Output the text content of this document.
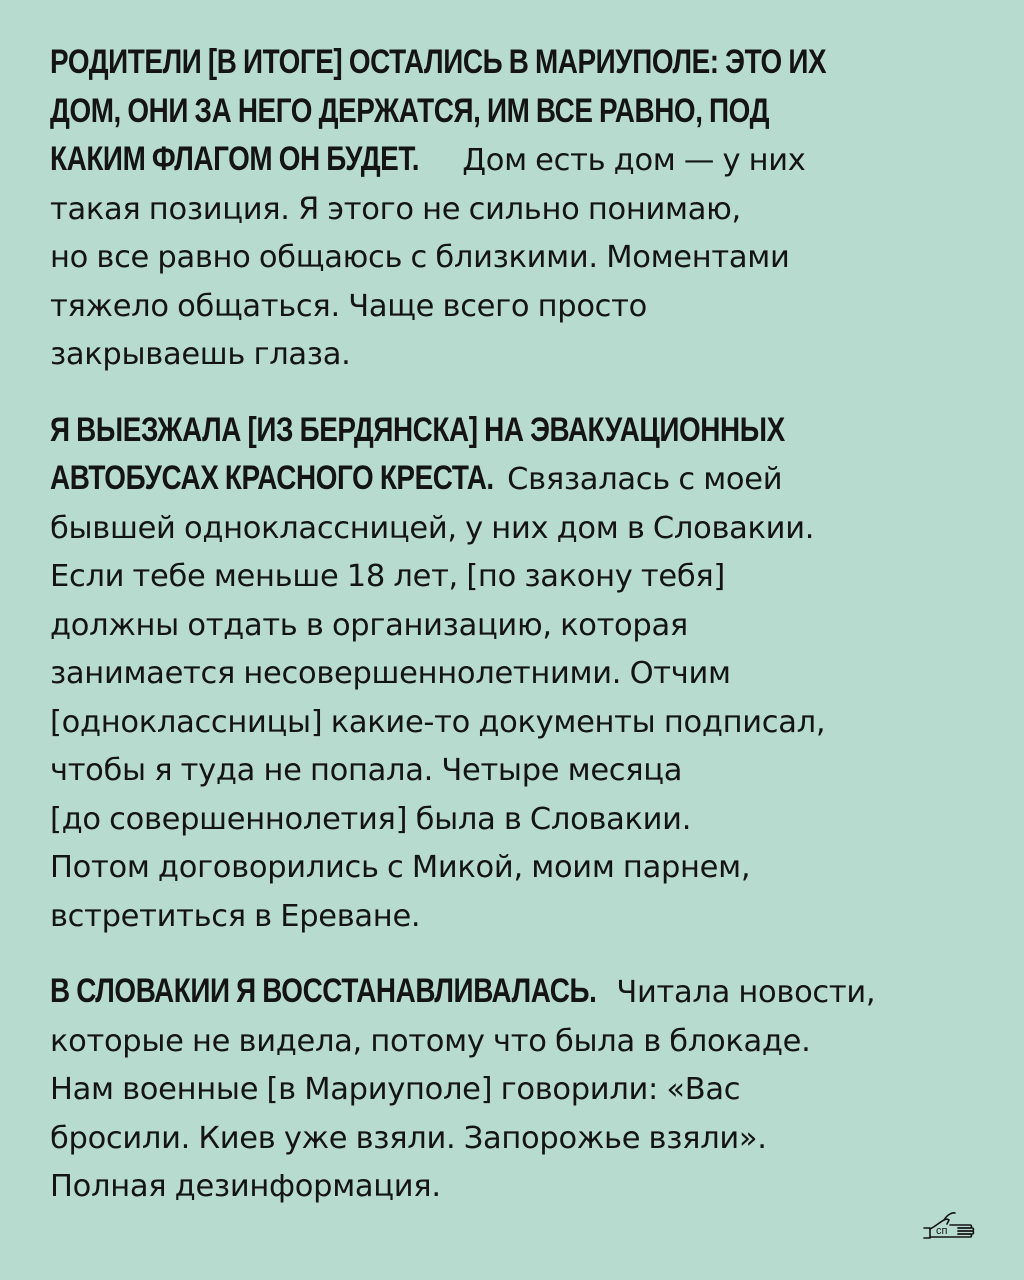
РОДИТЕЛИ [В ИТОГЕ] ОСТАЛИСЬ В МАРИУПОЛЕ: ЭТО ИХ
ДОМ, ОНИ ЗА НЕГО ДЕРЖАТСЯ, ИМ ВСЕ РАВНО, ПОД
КАКИМ ФЛАГОМ ОН БУДЕТ. Дом есть дом — у них
такая позиция. Я этого не сильно понимаю,
но все равно общаюсь с близкими. Моментами
тяжело общаться. Чаще всего просто
закрываешь глаза.
Я ВЫЕЗЖАЛА [ИЗ БЕРДЯНСКА] НА ЭВАКУАЦИОННЫХ
АВТОБУСАХ КРАСНОГО КРЕСТА. Связалась с моей
бывшей одноклассницей, у них дом в Словакии.
Если тебе меньше 18 лет, [по закону тебя]
должны отдать в организацию, которая
занимается несовершеннолетними. Отчим
[одноклассницы] какие-то документы подписал,
чтобы я туда не попала. Четыре месяца
[до совершеннолетия] была в Словакии.
Потом договорились с Микой, моим парнем,
встретиться в Ереване.
В СЛОВАКИИ Я ВОССТАНАВЛИВАЛАСЬ. Читала новости,
которые не видела, потому что была в блокаде.
Нам военные [в Мариуполе] говорили: «Вас
бросили. Киев уже взяли. Запорожье взяли».
Полная дезинформация.
сп
